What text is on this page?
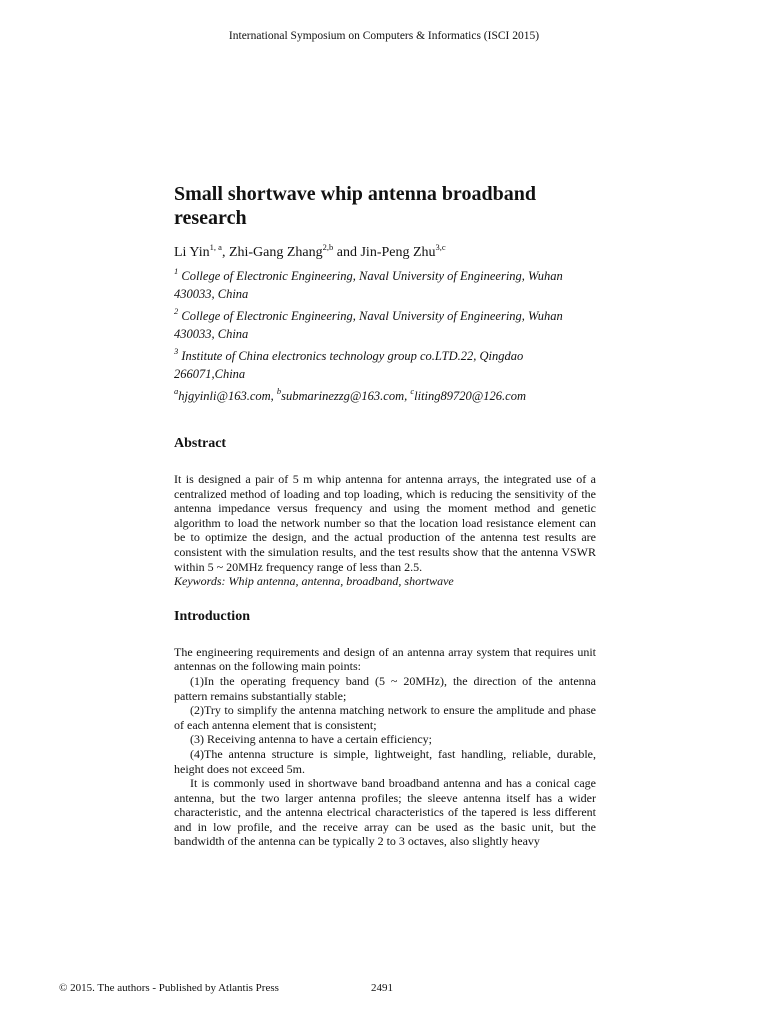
International Symposium on Computers & Informatics (ISCI 2015)
Small shortwave whip antenna broadband research
Li Yin$^{1, a}$, Zhi-Gang Zhang$^{2,b}$ and Jin-Peng Zhu$^{3,c}$
$^1$ College of Electronic Engineering, Naval University of Engineering, Wuhan 430033, China
$^2$ College of Electronic Engineering, Naval University of Engineering, Wuhan 430033, China
$^3$ Institute of China electronics technology group co.LTD.22, Qingdao 266071,China
$^a$hjgyinli@163.com, $^b$submarinezzg@163.com, $^c$liting89720@126.com
Abstract

It is designed a pair of 5 m whip antenna for antenna arrays, the integrated use of a centralized method of loading and top loading, which is reducing the sensitivity of the antenna impedance versus frequency and using the moment method and genetic algorithm to load the network number so that the location load resistance element can be to optimize the design, and the actual production of the antenna test results are consistent with the simulation results, and the test results show that the antenna VSWR within 5 ~ 20MHz frequency range of less than 2.5.

Keywords: Whip antenna, antenna, broadband, shortwave

Introduction

The engineering requirements and design of an antenna array system that requires unit antennas on the following main points:

(1)In the operating frequency band (5 ~ 20MHz), the direction of the antenna pattern remains substantially stable;

(2)Try to simplify the antenna matching network to ensure the amplitude and phase of each antenna element that is consistent;

(3) Receiving antenna to have a certain efficiency;

(4)The antenna structure is simple, lightweight, fast handling, reliable, durable, height does not exceed 5m.

It is commonly used in shortwave band broadband antenna and has a conical cage antenna, but the two larger antenna profiles; the sleeve antenna itself has a wider characteristic, and the antenna electrical characteristics of the tapered is less different and in low profile, and the receive array can be used as the basic unit, but the bandwidth of the antenna can be typically 2 to 3 octaves, also slightly heavy

© 2015. The authors - Published by Atlantis Press	2491
